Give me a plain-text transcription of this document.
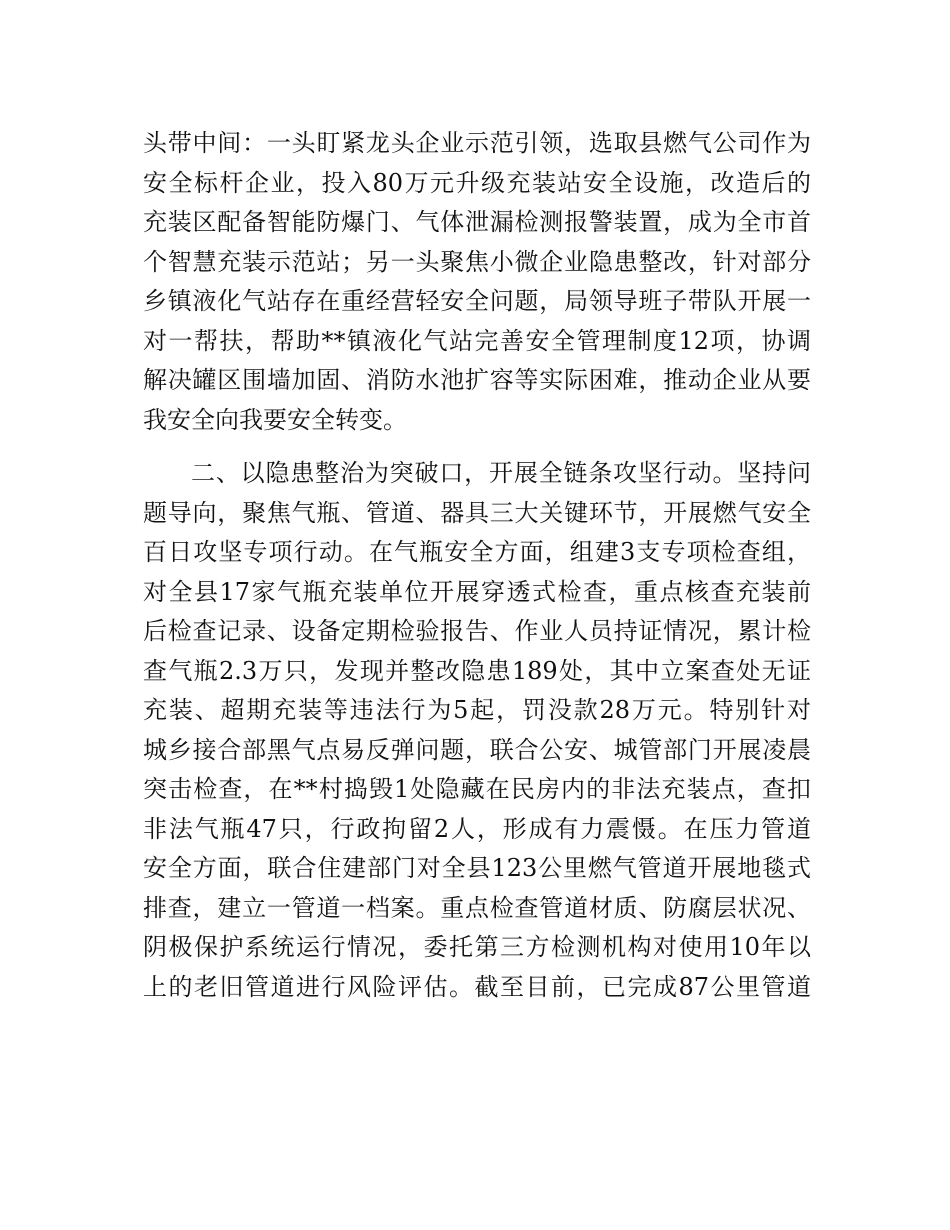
头带中间：一头盯紧龙头企业示范引领，选取县燃气公司作为
安全标杆企业，投入80万元升级充装站安全设施，改造后的
充装区配备智能防爆门、气体泄漏检测报警装置，成为全市首
个智慧充装示范站；另一头聚焦小微企业隐患整改，针对部分
乡镇液化气站存在重经营轻安全问题，局领导班子带队开展一
对一帮扶，帮助**镇液化气站完善安全管理制度12项，协调
解决罐区围墙加固、消防水池扩容等实际困难，推动企业从要
我安全向我要安全转变。
二、以隐患整治为突破口，开展全链条攻坚行动。坚持问
题导向，聚焦气瓶、管道、器具三大关键环节，开展燃气安全
百日攻坚专项行动。在气瓶安全方面，组建3支专项检查组，
对全县17家气瓶充装单位开展穿透式检查，重点核查充装前
后检查记录、设备定期检验报告、作业人员持证情况，累计检
查气瓶2.3万只，发现并整改隐患189处，其中立案查处无证
充装、超期充装等违法行为5起，罚没款28万元。特别针对
城乡接合部黑气点易反弹问题，联合公安、城管部门开展凌晨
突击检查，在**村捣毁1处隐藏在民房内的非法充装点，查扣
非法气瓶47只，行政拘留2人，形成有力震慑。在压力管道
安全方面，联合住建部门对全县123公里燃气管道开展地毯式
排查，建立一管道一档案。重点检查管道材质、防腐层状况、
阴极保护系统运行情况，委托第三方检测机构对使用10年以
上的老旧管道进行风险评估。截至目前，已完成87公里管道
